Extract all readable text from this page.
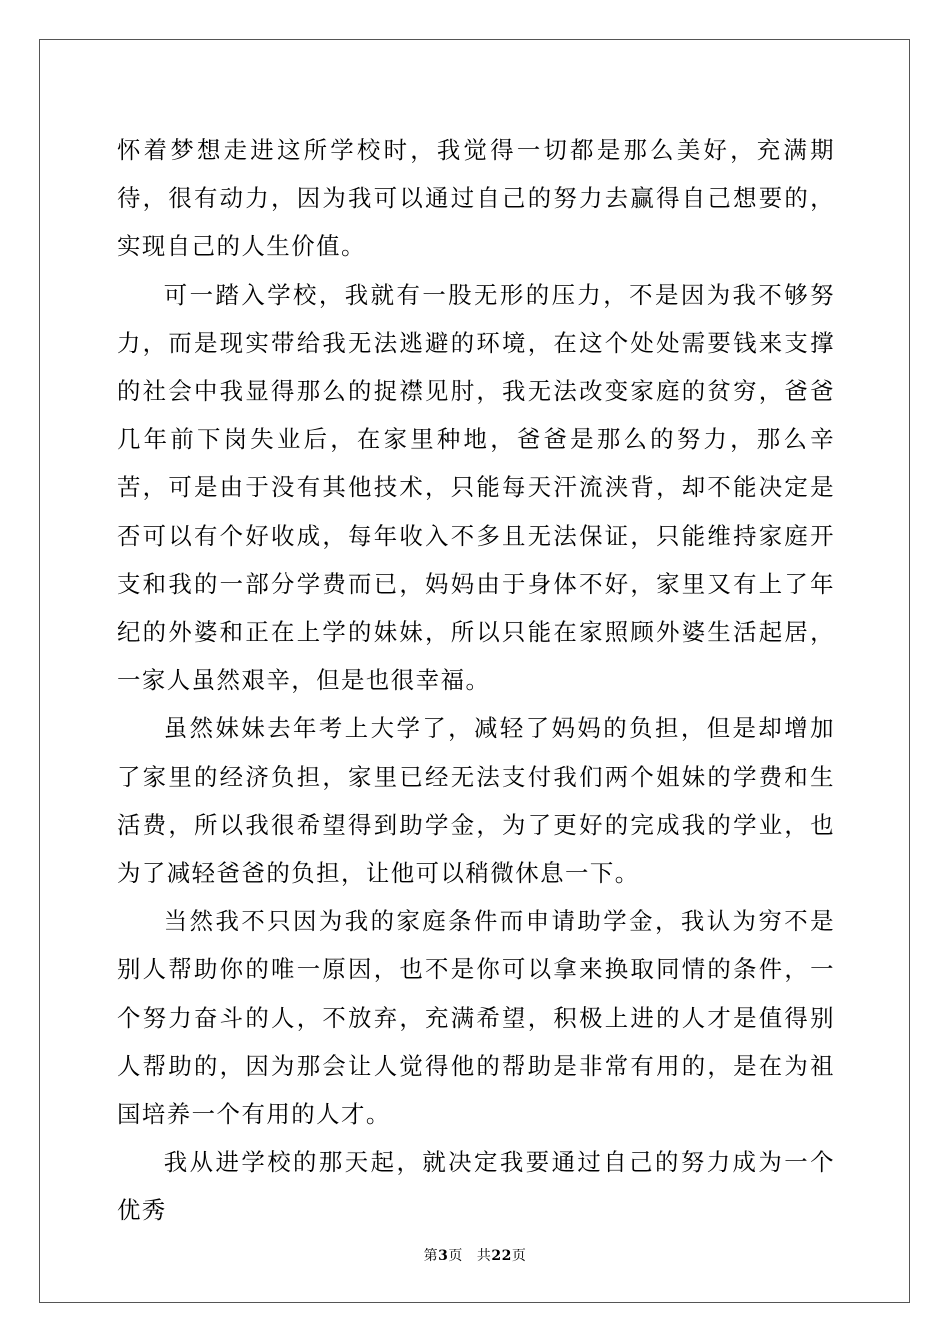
怀着梦想走进这所学校时，我觉得一切都是那么美好，充满期待，很有动力，因为我可以通过自己的努力去赢得自己想要的，实现自己的人生价值。

可一踏入学校，我就有一股无形的压力，不是因为我不够努力，而是现实带给我无法逃避的环境，在这个处处需要钱来支撑的社会中我显得那么的捉襟见肘，我无法改变家庭的贫穷，爸爸几年前下岗失业后，在家里种地，爸爸是那么的努力，那么辛苦，可是由于没有其他技术，只能每天汗流浃背，却不能决定是否可以有个好收成，每年收入不多且无法保证，只能维持家庭开支和我的一部分学费而已，妈妈由于身体不好，家里又有上了年纪的外婆和正在上学的妹妹，所以只能在家照顾外婆生活起居，一家人虽然艰辛，但是也很幸福。

虽然妹妹去年考上大学了，减轻了妈妈的负担，但是却增加了家里的经济负担，家里已经无法支付我们两个姐妹的学费和生活费，所以我很希望得到助学金，为了更好的完成我的学业，也为了减轻爸爸的负担，让他可以稍微休息一下。

当然我不只因为我的家庭条件而申请助学金，我认为穷不是别人帮助你的唯一原因，也不是你可以拿来换取同情的条件，一个努力奋斗的人，不放弃，充满希望，积极上进的人才是值得别人帮助的，因为那会让人觉得他的帮助是非常有用的，是在为祖国培养一个有用的人才。

我从进学校的那天起，就决定我要通过自己的努力成为一个优秀

第3页 共22页
